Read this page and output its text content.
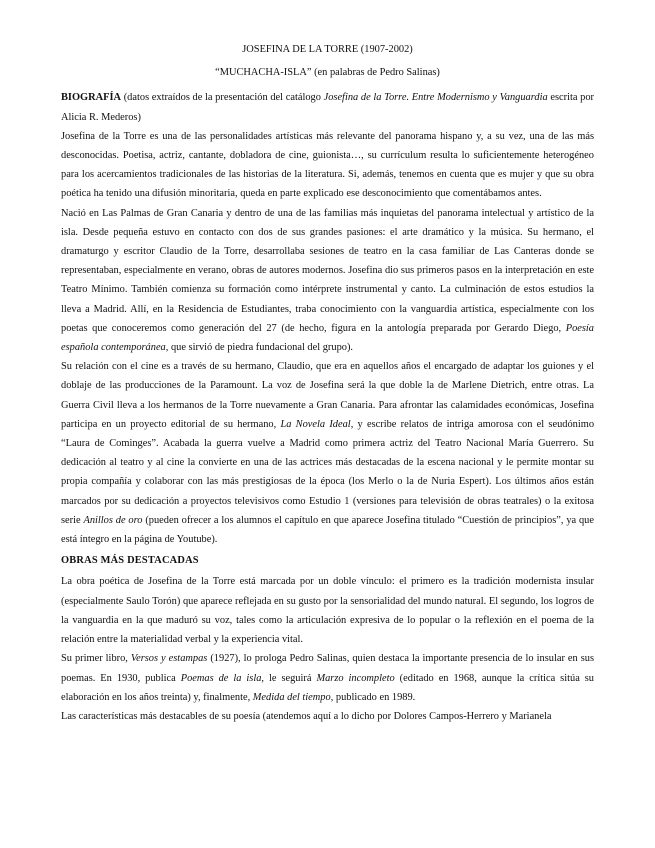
JOSEFINA DE LA TORRE (1907-2002)

“MUCHACHA-ISLA” (en palabras de Pedro Salinas)

BIOGRAFÍA (datos extraídos de la presentación del catálogo Josefina de la Torre. Entre Modernismo y Vanguardia escrita por Alicia R. Mederos)

Josefina de la Torre es una de las personalidades artísticas más relevante del panorama hispano y, a su vez, una de las más desconocidas. Poetisa, actriz, cantante, dobladora de cine, guionista…, su currículum resulta lo suficientemente heterogéneo para los acercamientos tradicionales de las historias de la literatura. Si, además, tenemos en cuenta que es mujer y que su obra poética ha tenido una difusión minoritaria, queda en parte explicado ese desconocimiento que comentábamos antes.

Nació en Las Palmas de Gran Canaria y dentro de una de las familias más inquietas del panorama intelectual y artístico de la isla. Desde pequeña estuvo en contacto con dos de sus grandes pasiones: el arte dramático y la música. Su hermano, el dramaturgo y escritor Claudio de la Torre, desarrollaba sesiones de teatro en la casa familiar de Las Canteras donde se representaban, especialmente en verano, obras de autores modernos. Josefina dio sus primeros pasos en la interpretación en este Teatro Mínimo. También comienza su formación como intérprete instrumental y canto. La culminación de estos estudios la lleva a Madrid. Allí, en la Residencia de Estudiantes, traba conocimiento con la vanguardia artística, especialmente con los poetas que conoceremos como generación del 27 (de hecho, figura en la antología preparada por Gerardo Diego, Poesía española contemporánea, que sirvió de piedra fundacional del grupo).

Su relación con el cine es a través de su hermano, Claudio, que era en aquellos años el encargado de adaptar los guiones y el doblaje de las producciones de la Paramount. La voz de Josefina será la que doble la de Marlene Dietrich, entre otras. La Guerra Civil lleva a los hermanos de la Torre nuevamente a Gran Canaria. Para afrontar las calamidades económicas, Josefina participa en un proyecto editorial de su hermano, La Novela Ideal, y escribe relatos de intriga amorosa con el seudónimo “Laura de Cominges”. Acabada la guerra vuelve a Madrid como primera actriz del Teatro Nacional María Guerrero. Su dedicación al teatro y al cine la convierte en una de las actrices más destacadas de la escena nacional y le permite montar su propia compañía y colaborar con las más prestigiosas de la época (los Merlo o la de Nuria Espert). Los últimos años están marcados por su dedicación a proyectos televisivos como Estudio 1 (versiones para televisión de obras teatrales) o la exitosa serie Anillos de oro (pueden ofrecer a los alumnos el capítulo en que aparece Josefina titulado “Cuestión de principios”, ya que está íntegro en la página de Youtube).

OBRAS MÁS DESTACADAS

La obra poética de Josefina de la Torre está marcada por un doble vínculo: el primero es la tradición modernista insular (especialmente Saulo Torón) que aparece reflejada en su gusto por la sensorialidad del mundo natural. El segundo, los logros de la vanguardia en la que maduró su voz, tales como la articulación expresiva de lo popular o la reflexión en el poema de la relación entre la materialidad verbal y la experiencia vital.

Su primer libro, Versos y estampas (1927), lo prologa Pedro Salinas, quien destaca la importante presencia de lo insular en sus poemas. En 1930, publica Poemas de la isla, le seguirá Marzo incompleto (editado en 1968, aunque la crítica sitúa su elaboración en los años treinta) y, finalmente, Medida del tiempo, publicado en 1989.

Las características más destacables de su poesía (atendemos aquí a lo dicho por Dolores Campos-Herrero y Marianela
